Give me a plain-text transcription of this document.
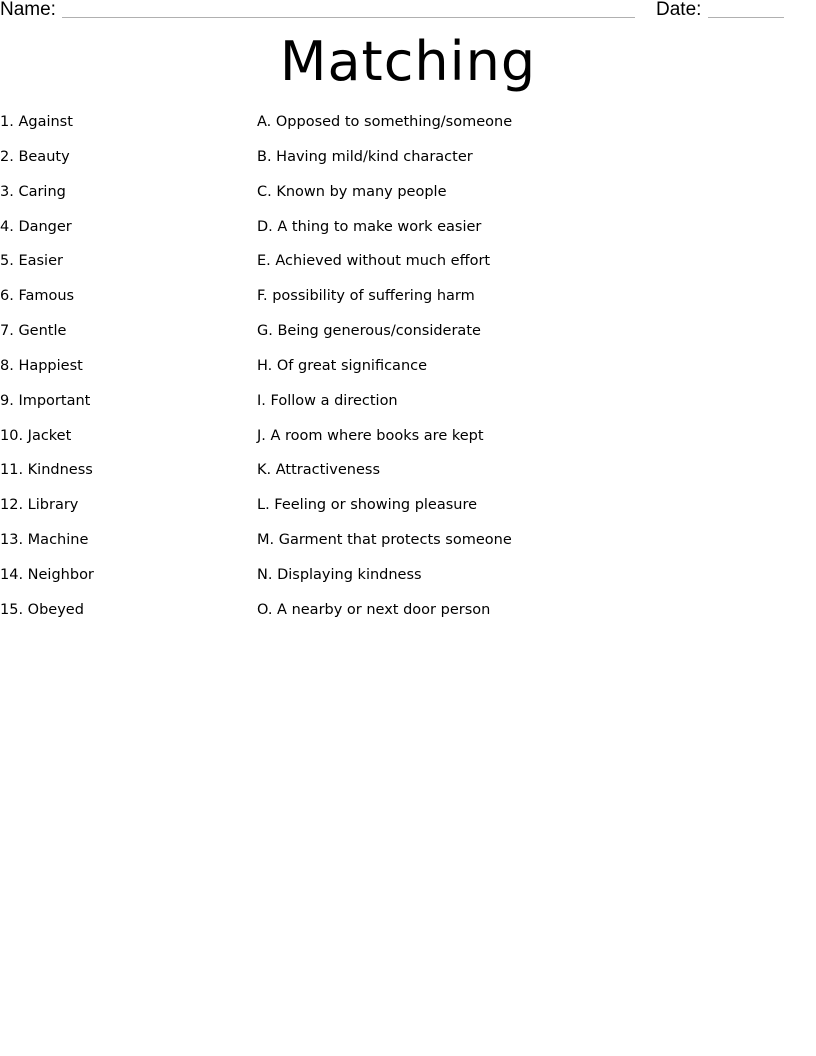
Name:	Date:
Matching
1. Against	A. Opposed to something/someone
2. Beauty	B. Having mild/kind character
3. Caring	C. Known by many people
4. Danger	D. A thing to make work easier
5. Easier	E. Achieved without much effort
6. Famous	F. possibility of suffering harm
7. Gentle	G. Being generous/considerate
8. Happiest	H. Of great significance
9. Important	I. Follow a direction
10. Jacket	J. A room where books are kept
11. Kindness	K. Attractiveness
12. Library	L. Feeling or showing pleasure
13. Machine	M. Garment that protects someone
14. Neighbor	N. Displaying kindness
15. Obeyed	O. A nearby or next door person
